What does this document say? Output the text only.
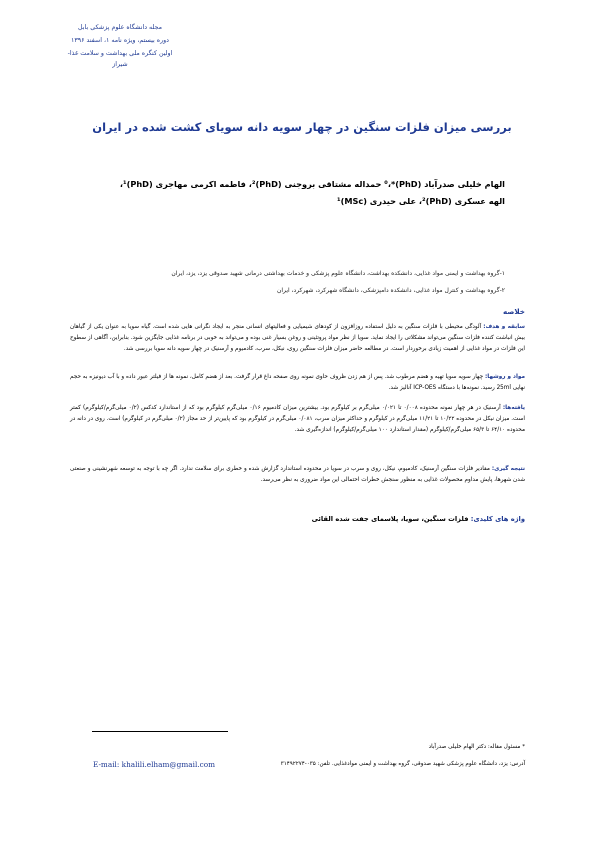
مجله دانشگاه علوم پزشکی بابل
دوره بیستم، ویژه نامه ۱، اسفند ۱۳۹۶
اولین کنگره ملی بهداشت و سلامت غذا-شیراز
بررسی میزان فلزات سنگین در چهار سویه دانه سویای کشت شده در ایران
الهام خلیلی صدرآباد (PhD)‏*‏،⁰ حمداله مشتاقی بروجنی (PhD)‏²، فاطمه اکرمی مهاجری (PhD)‏¹،
الهه عسکری (PhD)‏²، علی حیدری (MSc)‏¹
۱-گروه بهداشت و ایمنی مواد غذایی، دانشکده بهداشت، دانشگاه علوم پزشکی و خدمات بهداشتی درمانی شهید صدوقی یزد، یزد، ایران
۲-گروه بهداشت و کنترل مواد غذایی، دانشکده دامپزشکی، دانشگاه شهرکرد، شهرکرد، ایران
خلاصه
سابقه و هدف: آلودگی محیطی با فلزات سنگین به دلیل استفاده روزافزون از کودهای شیمیایی و فعالیتهای انسانی منجر به ایجاد نگرانی هایی شده است. گیاه سویا به عنوان یکی از گیاهان بیش انباشت کننده فلزات سنگین می‌تواند مشکلاتی را ایجاد نماید. سویا از نظر مواد پروتئینی و روغن بسیار غنی بوده و می‌تواند به خوبی در برنامه غذایی جایگزین شود. بنابراین، آگاهی از سطوح این فلزات در مواد غذایی از اهمیت زیادی برخوردار است. در مطالعه حاضر میزان فلزات سنگین روی، نیکل، سرب، کادمیوم و آرسنیک در چهار سویه دانه سویا بررسی شد.
مواد و روشها: چهار سویه سویا تهیه و هضم مرطوب شد. پس از هم زدن ظروف حاوی نمونه روی صفحه داغ قرار گرفت. بعد از هضم کامل، نمونه ها از فیلتر عبور داده و با آب دیونیزه به حجم نهایی 25ml رسید. نمونه‌ها با دستگاه ICP-OES آنالیز شد.
یافته‌ها: آرسنیک در هر چهار نمونه محدوده ۰/۰۰۸ تا ۰/۰۲۱ میلی‌گرم بر کیلوگرم بود. بیشترین میزان کادمیوم ۰/۱۶ میلی‌گرم کیلوگرم بود که از استاندارد کدکس (۰/۲ میلی‌گرم/کیلوگرم) کمتر است. میزان نیکل در محدوده ۱۰/۲۲ تا ۱۱/۲۱ میلی‌گرم در کیلوگرم و حداکثر میزان سرب، ۰/۰۸۱ میلی‌گرم در کیلوگرم بود که پایین‌تر از حد مجاز (۰/۲ میلی‌گرم در کیلوگرم) است. روی در دانه در محدوده ۶۴/۱۰ تا ۶۵/۳ میلی‌گرم/کیلوگرم (مقدار استاندارد ۱۰۰ میلی‌گرم/کیلوگرم) اندازه‌گیری شد.
نتیجه گیری: مقادیر فلزات سنگین آرسنیک، کادمیوم، نیکل، روی و سرب در سویا در محدوده استاندارد گزارش شده و خطری برای سلامت ندارد. اگر چه با توجه به توسعه شهرنشینی و صنعتی شدن شهرها، پایش مداوم محصولات غذایی به منظور سنجش خطرات احتمالی این مواد ضروری به نظر می‌رسد.
واژه های کلیدی: فلزات سنگین، سویا، پلاسمای جفت شده القائی
* مسئول مقاله: دکتر الهام خلیلی صدرآباد
آدرس: یزد، دانشگاه علوم پزشکی شهید صدوقی، گروه بهداشت و ایمنی موادغذایی. تلفن: ۰۳۵-۳۱۴۹۲۲۷۴
E-mail: khalili.elham@gmail.com
